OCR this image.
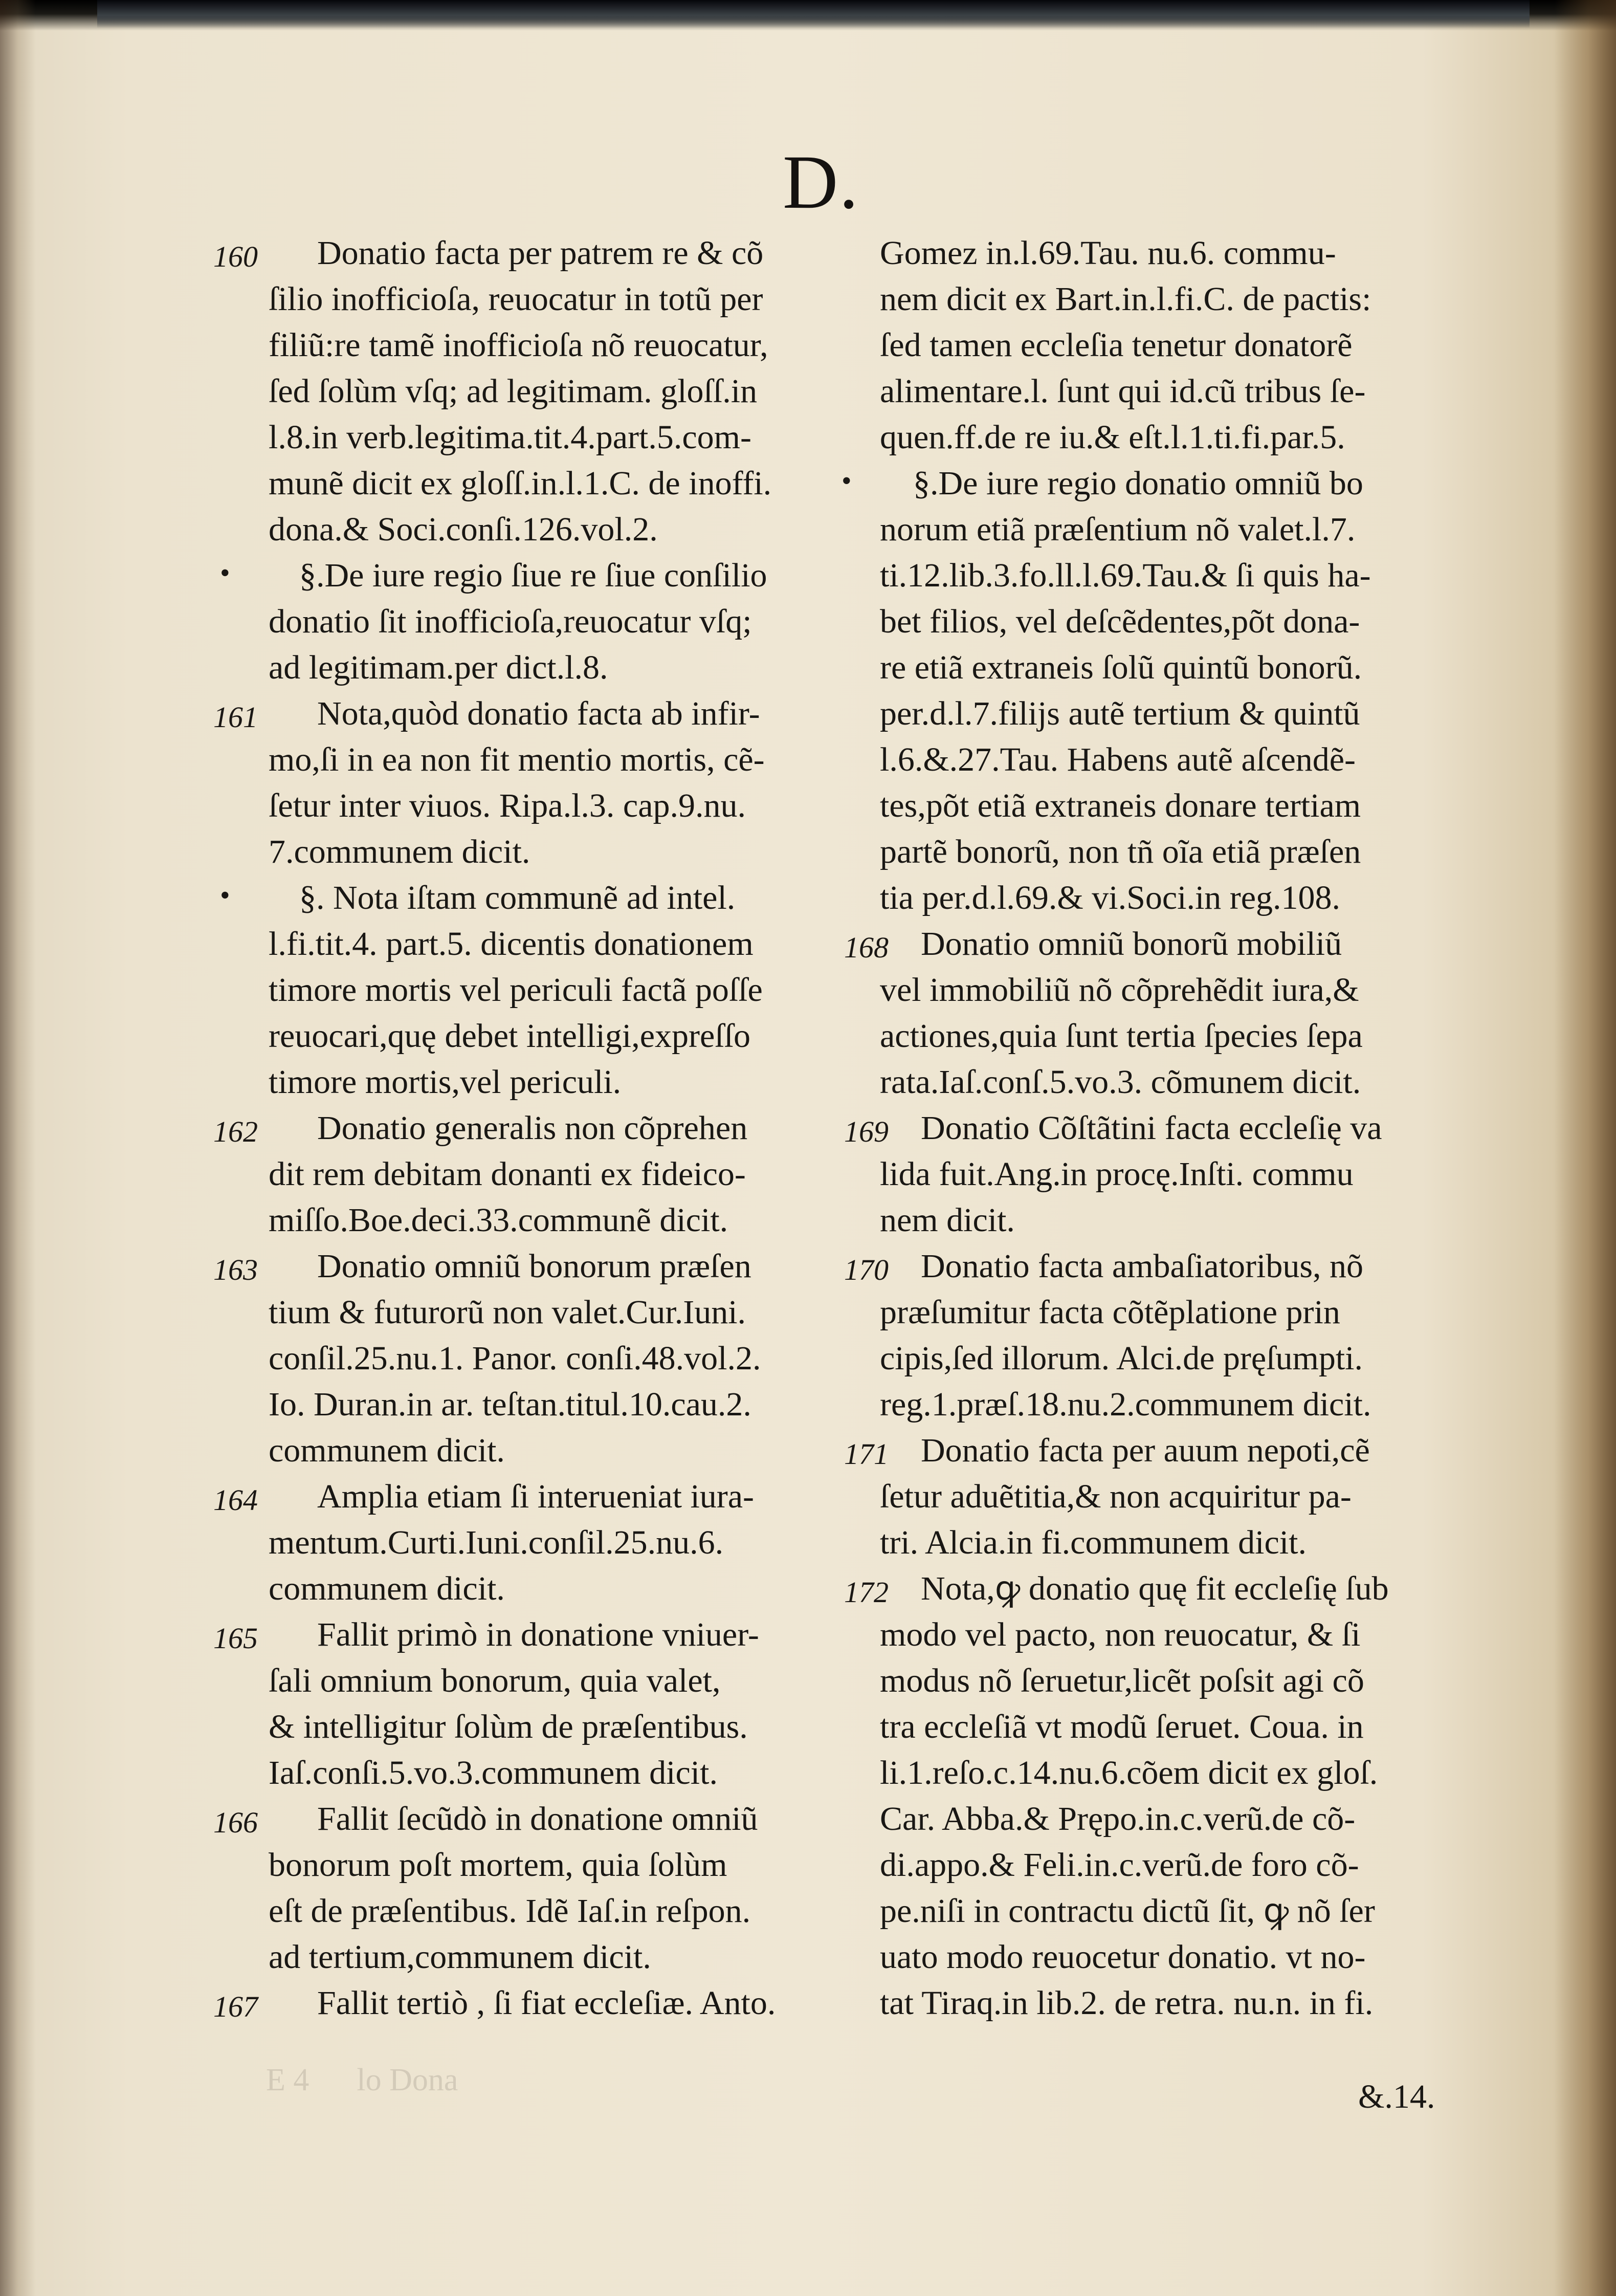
D.
160	Donatio facta per patrem re & cõ
ſilio inofficioſa, reuocatur in totũ per
filiũ:re tamẽ inofficioſa nõ reuocatur,
ſed ſolùm vſq; ad legitimam. gloſſ.in
l.8.in verb.legitima.tit.4.part.5.com-
munẽ dicit ex gloſſ.in.l.1.C. de inoffi.
dona.& Soci.conſi.126.vol.2.
•	§.De iure regio ſiue re ſiue conſilio
donatio ſit inofficioſa,reuocatur vſq;
ad legitimam.per dict.l.8.
161	Nota,quòd donatio facta ab infir-
mo,ſi in ea non fit mentio mortis, cẽ-
ſetur inter viuos. Ripa.l.3. cap.9.nu.
7.communem dicit.
•	§. Nota iſtam communẽ ad intel.
l.fi.tit.4. part.5. dicentis donationem
timore mortis vel periculi factã poſſe
reuocari,quę debet intelligi,expreſſo
timore mortis,vel periculi.
162	Donatio generalis non cõprehen
dit rem debitam donanti ex fideico-
miſſo.Boe.deci.33.communẽ dicit.
163	Donatio omniũ bonorum præſen
tium & futurorũ non valet.Cur.Iuni.
conſil.25.nu.1. Panor. conſi.48.vol.2.
Io. Duran.in ar. teſtan.titul.10.cau.2.
communem dicit.
164	Amplia etiam ſi interueniat iura-
mentum.Curti.Iuni.conſil.25.nu.6.
communem dicit.
165	Fallit primò in donatione vniuer-
ſali omnium bonorum, quia valet,
& intelligitur ſolùm de præſentibus.
Iaſ.conſi.5.vo.3.communem dicit.
166	Fallit ſecũdò in donatione omniũ
bonorum poſt mortem, quia ſolùm
eſt de præſentibus. Idẽ Iaſ.in reſpon.
ad tertium,communem dicit.
167	Fallit tertiò , ſi fiat eccleſiæ. Anto.
Gomez in.l.69.Tau. nu.6. commu-
nem dicit ex Bart.in.l.fi.C. de pactis:
ſed tamen eccleſia tenetur donatorẽ
alimentare.l. ſunt qui id.cũ tribus ſe-
quen.ff.de re iu.& eſt.l.1.ti.fi.par.5.
•	§.De iure regio donatio omniũ bo
norum etiã præſentium nõ valet.l.7.
ti.12.lib.3.fo.ll.l.69.Tau.& ſi quis ha-
bet filios, vel deſcẽdentes,põt dona-
re etiã extraneis ſolũ quintũ bonorũ.
per.d.l.7.filijs autẽ tertium & quintũ
l.6.&.27.Tau. Habens autẽ aſcendẽ-
tes,põt etiã extraneis donare tertiam
partẽ bonorũ, non tñ oĩa etiã præſen
tia per.d.l.69.& vi.Soci.in reg.108.
168 Donatio omniũ bonorũ mobiliũ
vel immobiliũ nõ cõprehẽdit iura,&
actiones,quia ſunt tertia ſpecies ſepa
rata.Iaſ.conſ.5.vo.3. cõmunem dicit.
169 Donatio Cõſtãtini facta eccleſię va
lida fuit.Ang.in procę.Inſti. commu
nem dicit.
170 Donatio facta ambaſiatoribus, nõ
præſumitur facta cõtẽplatione prin
cipis,ſed illorum. Alci.de pręſumpti.
reg.1.præſ.18.nu.2.communem dicit.
171 Donatio facta per auum nepoti,cẽ
ſetur aduẽtitia,& non acquiritur pa-
tri. Alcia.in fi.communem dicit.
172 Nota,ꝙ donatio quę fit eccleſię ſub
modo vel pacto, non reuocatur, & ſi
modus nõ ſeruetur,licẽt poſsit agi cõ
tra eccleſiã vt modũ ſeruet. Coua. in
li.1.reſo.c.14.nu.6.cõem dicit ex gloſ.
Car. Abba.& Prępo.in.c.verũ.de cõ-
di.appo.& Feli.in.c.verũ.de foro cõ-
pe.niſi in contractu dictũ ſit, ꝙ nõ ſer
uato modo reuocetur donatio. vt no-
tat Tiraq.in lib.2. de retra. nu.n. in fi.
&.14.
E 4      lo Dona
